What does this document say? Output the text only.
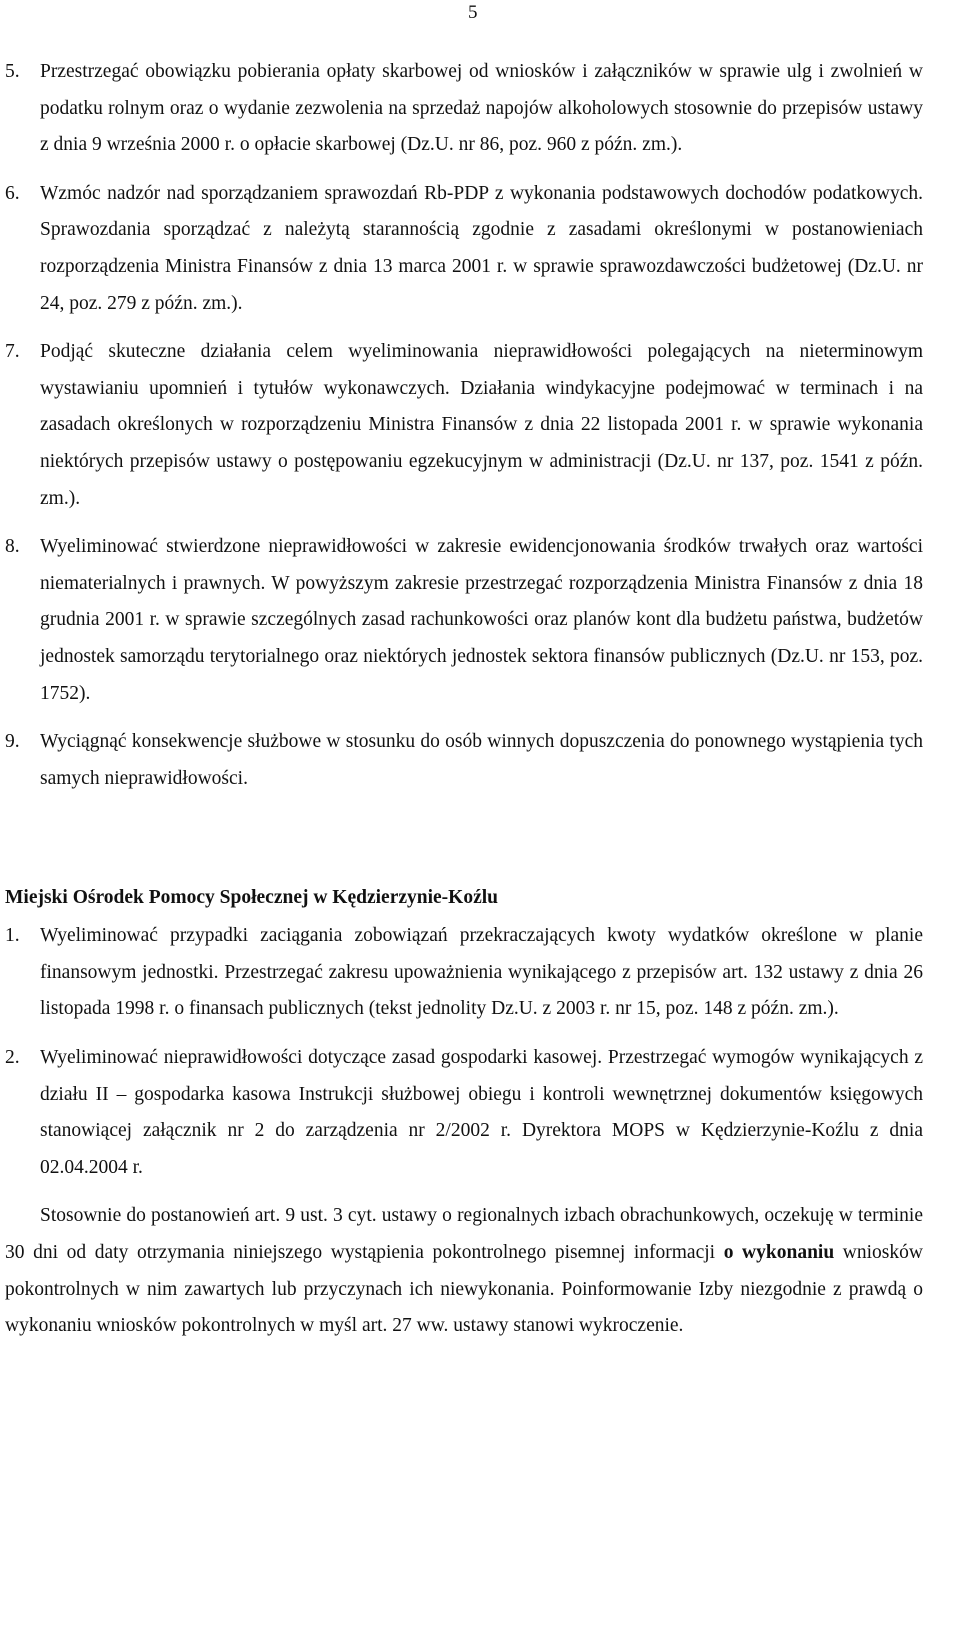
5
5. Przestrzegać obowiązku pobierania opłaty skarbowej od wniosków i załączników w sprawie ulg i zwolnień w podatku rolnym oraz o wydanie zezwolenia na sprzedaż napojów alkoholowych stosownie do przepisów ustawy z dnia 9 września 2000 r. o opłacie skarbowej (Dz.U. nr 86, poz. 960 z późn. zm.).
6. Wzmóc nadzór nad sporządzaniem sprawozdań Rb-PDP z wykonania podstawowych dochodów podatkowych. Sprawozdania sporządzać z należytą starannością zgodnie z zasadami określonymi w postanowieniach rozporządzenia Ministra Finansów z dnia 13 marca 2001 r. w sprawie sprawozdawczości budżetowej (Dz.U. nr 24, poz. 279 z późn. zm.).
7. Podjąć skuteczne działania celem wyeliminowania nieprawidłowości polegających na nieterminowym wystawianiu upomnień i tytułów wykonawczych. Działania windykacyjne podejmować w terminach i na zasadach określonych w rozporządzeniu Ministra Finansów z dnia 22 listopada 2001 r. w sprawie wykonania niektórych przepisów ustawy o postępowaniu egzekucyjnym w administracji (Dz.U. nr 137, poz. 1541 z późn. zm.).
8. Wyeliminować stwierdzone nieprawidłowości w zakresie ewidencjonowania środków trwałych oraz wartości niematerialnych i prawnych. W powyższym zakresie przestrzegać rozporządzenia Ministra Finansów z dnia 18 grudnia 2001 r. w sprawie szczególnych zasad rachunkowości oraz planów kont dla budżetu państwa, budżetów jednostek samorządu terytorialnego oraz niektórych jednostek sektora finansów publicznych (Dz.U. nr 153, poz. 1752).
9. Wyciągnąć konsekwencje służbowe w stosunku do osób winnych dopuszczenia do ponownego wystąpienia tych samych nieprawidłowości.
Miejski Ośrodek Pomocy Społecznej w Kędzierzynie-Koźlu
1. Wyeliminować przypadki zaciągania zobowiązań przekraczających kwoty wydatków określone w planie finansowym jednostki. Przestrzegać zakresu upoważnienia wynikającego z przepisów art. 132 ustawy z dnia 26 listopada 1998 r. o finansach publicznych (tekst jednolity Dz.U. z 2003 r. nr 15, poz. 148 z późn. zm.).
2. Wyeliminować nieprawidłowości dotyczące zasad gospodarki kasowej. Przestrzegać wymogów wynikających z działu II – gospodarka kasowa Instrukcji służbowej obiegu i kontroli wewnętrznej dokumentów księgowych stanowiącej załącznik nr 2 do zarządzenia nr 2/2002 r. Dyrektora MOPS w Kędzierzynie-Koźlu z dnia 02.04.2004 r.
Stosownie do postanowień art. 9 ust. 3 cyt. ustawy o regionalnych izbach obrachunkowych, oczekuję w terminie 30 dni od daty otrzymania niniejszego wystąpienia pokontrolnego pisemnej informacji o wykonaniu wniosków pokontrolnych w nim zawartych lub przyczynach ich niewykonania. Poinformowanie Izby niezgodnie z prawdą o wykonaniu wniosków pokontrolnych w myśl art. 27 ww. ustawy stanowi wykroczenie.
